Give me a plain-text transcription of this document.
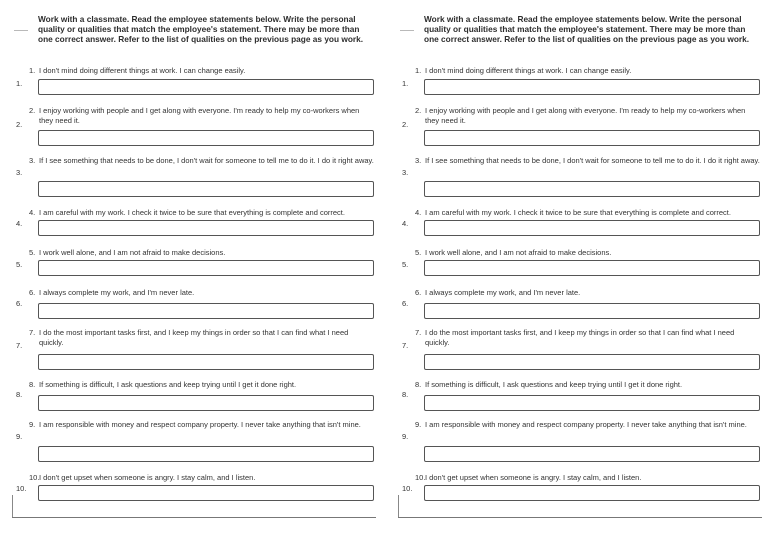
Work with a classmate. Read the employee statements below. Write the personal quality or qualities that match the employee's statement. There may be more than one correct answer. Refer to the list of qualities on the previous page as you work.
1. I don't mind doing different things at work. I can change easily.
1.
2. I enjoy working with people and I get along with everyone. I'm ready to help my co-workers when they need it.
2.
3. If I see something that needs to be done, I don't wait for someone to tell me to do it. I do it right away.
3.
4. I am careful with my work. I check it twice to be sure that everything is complete and correct.
4.
5. I work well alone, and I am not afraid to make decisions.
5.
6. I always complete my work, and I'm never late.
6.
7. I do the most important tasks first, and I keep my things in order so that I can find what I need quickly.
7.
8. If something is difficult, I ask questions and keep trying until I get it done right.
8.
9. I am responsible with money and respect company property. I never take anything that isn't mine.
9.
10. I don't get upset when someone is angry. I stay calm, and I listen.
10.
Work with a classmate. Read the employee statements below. Write the personal quality or qualities that match the employee's statement. There may be more than one correct answer. Refer to the list of qualities on the previous page as you work.
1. I don't mind doing different things at work. I can change easily.
1.
2. I enjoy working with people and I get along with everyone. I'm ready to help my co-workers when they need it.
2.
3. If I see something that needs to be done, I don't wait for someone to tell me to do it. I do it right away.
3.
4. I am careful with my work. I check it twice to be sure that everything is complete and correct.
4.
5. I work well alone, and I am not afraid to make decisions.
5.
6. I always complete my work, and I'm never late.
6.
7. I do the most important tasks first, and I keep my things in order so that I can find what I need quickly.
7.
8. If something is difficult, I ask questions and keep trying until I get it done right.
8.
9. I am responsible with money and respect company property. I never take anything that isn't mine.
9.
10. I don't get upset when someone is angry. I stay calm, and I listen.
10.
